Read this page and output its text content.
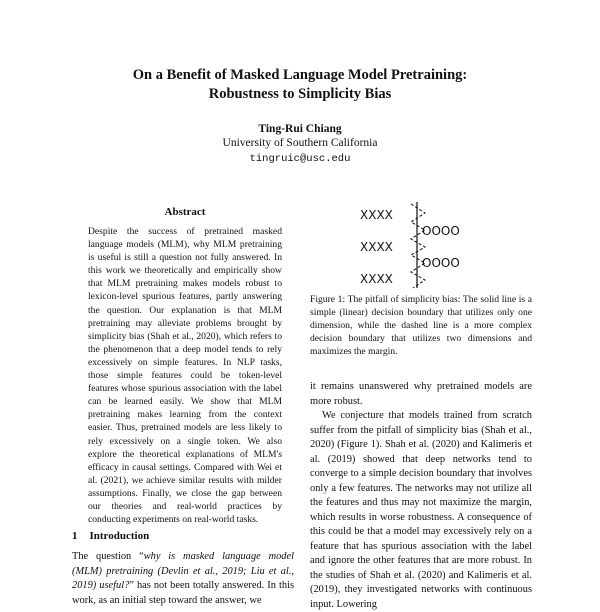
On a Benefit of Masked Language Model Pretraining:
Robustness to Simplicity Bias
Ting-Rui Chiang
University of Southern California
tingruic@usc.edu
Abstract
Despite the success of pretrained masked language models (MLM), why MLM pretraining is useful is still a question not fully answered. In this work we theoretically and empirically show that MLM pretraining makes models robust to lexicon-level spurious features, partly answering the question. Our explanation is that MLM pretraining may alleviate problems brought by simplicity bias (Shah et al., 2020), which refers to the phenomenon that a deep model tends to rely excessively on simple features. In NLP tasks, those simple features could be token-level features whose spurious association with the label can be learned easily. We show that MLM pretraining makes learning from the context easier. Thus, pretrained models are less likely to rely excessively on a single token. We also explore the theoretical explanations of MLM's efficacy in causal settings. Compared with Wei et al. (2021), we achieve similar results with milder assumptions. Finally, we close the gap between our theories and real-world practices by conducting experiments on real-world tasks.
1 Introduction
The question “why is masked language model (MLM) pretraining (Devlin et al., 2019; Liu et al., 2019) useful?” has not been totally answered. In this work, as an initial step toward the answer, we
XXXX
OOOO
XXXX
OOOO
XXXX
Figure 1: The pitfall of simplicity bias: The solid line is a simple (linear) decision boundary that utilizes only one dimension, while the dashed line is a more complex decision boundary that utilizes two dimensions and maximizes the margin.

it remains unanswered why pretrained models are more robust.

We conjecture that models trained from scratch suffer from the pitfall of simplicity bias (Shah et al., 2020) (Figure 1). Shah et al. (2020) and Kalimeris et al. (2019) showed that deep networks tend to converge to a simple decision boundary that involves only a few features. The networks may not utilize all the features and thus may not maximize the margin, which results in worse robustness. A consequence of this could be that a model may excessively rely on a feature that has spurious association with the label and ignore the other features that are more robust. In the studies of Shah et al. (2020) and Kalimeris et al. (2019), they investigated networks with continuous input. Lowering
